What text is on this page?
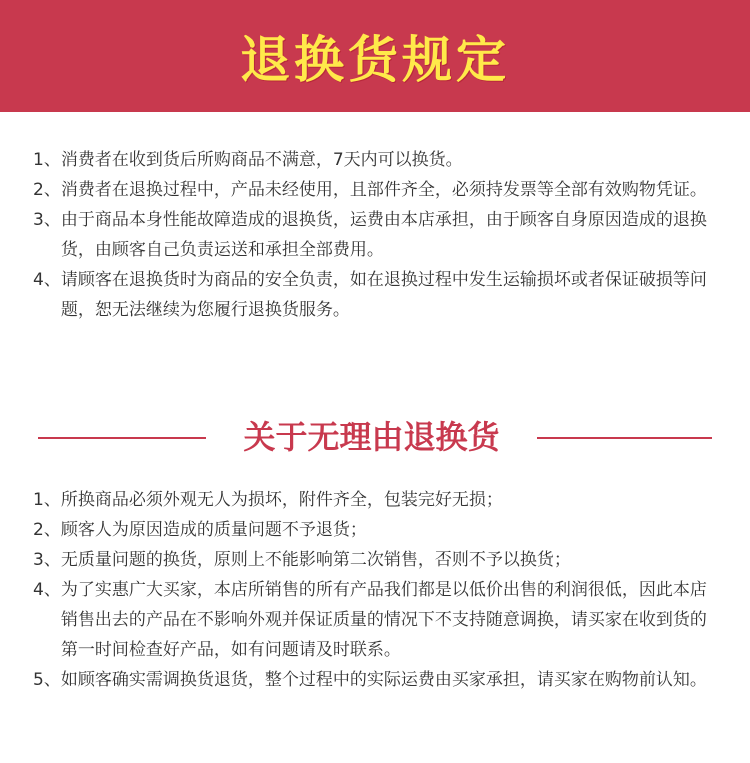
退换货规定
1、 消费者在收到货后所购商品不满意，7天内可以换货。
2、 消费者在退换过程中，产品未经使用，且部件齐全，必须持发票等全部有效购物凭证。
3、 由于商品本身性能故障造成的退换货，运费由本店承担，由于顾客自身原因造成的退换货，由顾客自己负责运送和承担全部费用。
4、 请顾客在退换货时为商品的安全负责，如在退换过程中发生运输损坏或者保证破损等问题，恕无法继续为您履行退换货服务。
关于无理由退换货
1、 所换商品必须外观无人为损坏，附件齐全，包装完好无损；
2、 顾客人为原因造成的质量问题不予退货；
3、 无质量问题的换货，原则上不能影响第二次销售，否则不予以换货；
4、 为了实惠广大买家，本店所销售的所有产品我们都是以低价出售的利润很低，因此本店销售出去的产品在不影响外观并保证质量的情况下不支持随意调换，请买家在收到货的第一时间检查好产品，如有问题请及时联系。
5、 如顾客确实需调换货退货，整个过程中的实际运费由买家承担，请买家在购物前认知。
